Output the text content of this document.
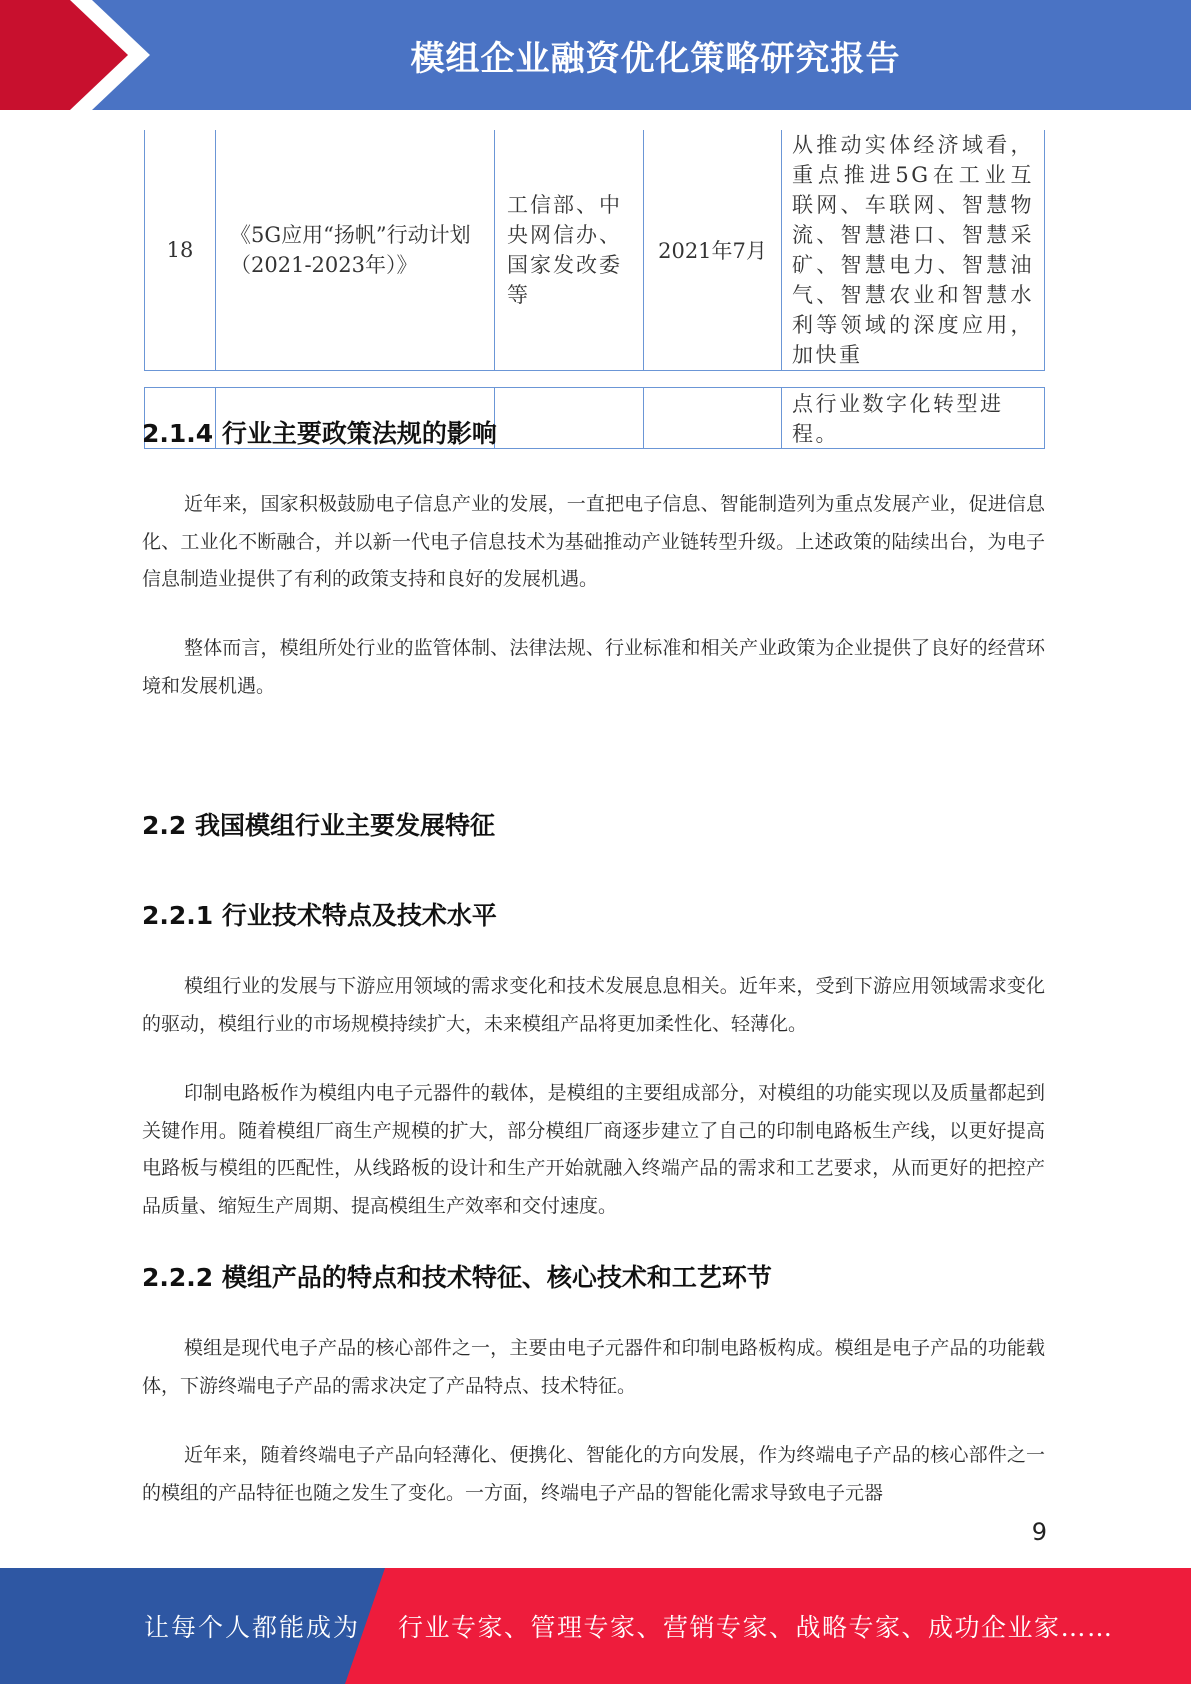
模组企业融资优化策略研究报告
18	《5G应用“扬帆”行动计划（2021-2023年）》	工信部、中央网信办、国家发改委等	2021年7月	从推动实体经济域看，重点推进5G在工业互联网、车联网、智慧物流、智慧港口、智慧采矿、智慧电力、智慧油气、智慧农业和智慧水利等领域的深度应用，加快重

				点行业数字化转型进程。
2.1.4 行业主要政策法规的影响

近年来，国家积极鼓励电子信息产业的发展，一直把电子信息、智能制造列为重点发展产业，促进信息化、工业化不断融合，并以新一代电子信息技术为基础推动产业链转型升级。上述政策的陆续出台，为电子信息制造业提供了有利的政策支持和良好的发展机遇。

整体而言，模组所处行业的监管体制、法律法规、行业标准和相关产业政策为企业提供了良好的经营环境和发展机遇。

2.2 我国模组行业主要发展特征
2.2.1 行业技术特点及技术水平

模组行业的发展与下游应用领域的需求变化和技术发展息息相关。近年来，受到下游应用领域需求变化的驱动，模组行业的市场规模持续扩大，未来模组产品将更加柔性化、轻薄化。

印制电路板作为模组内电子元器件的载体，是模组的主要组成部分，对模组的功能实现以及质量都起到关键作用。随着模组厂商生产规模的扩大，部分模组厂商逐步建立了自己的印制电路板生产线，以更好提高电路板与模组的匹配性，从线路板的设计和生产开始就融入终端产品的需求和工艺要求，从而更好的把控产品质量、缩短生产周期、提高模组生产效率和交付速度。

2.2.2 模组产品的特点和技术特征、核心技术和工艺环节

模组是现代电子产品的核心部件之一，主要由电子元器件和印制电路板构成。模组是电子产品的功能载体，下游终端电子产品的需求决定了产品特点、技术特征。

近年来，随着终端电子产品向轻薄化、便携化、智能化的方向发展，作为终端电子产品的核心部件之一的模组的产品特征也随之发生了变化。一方面，终端电子产品的智能化需求导致电子元器

9
让每个人都能成为 行业专家、管理专家、营销专家、战略专家、成功企业家……
